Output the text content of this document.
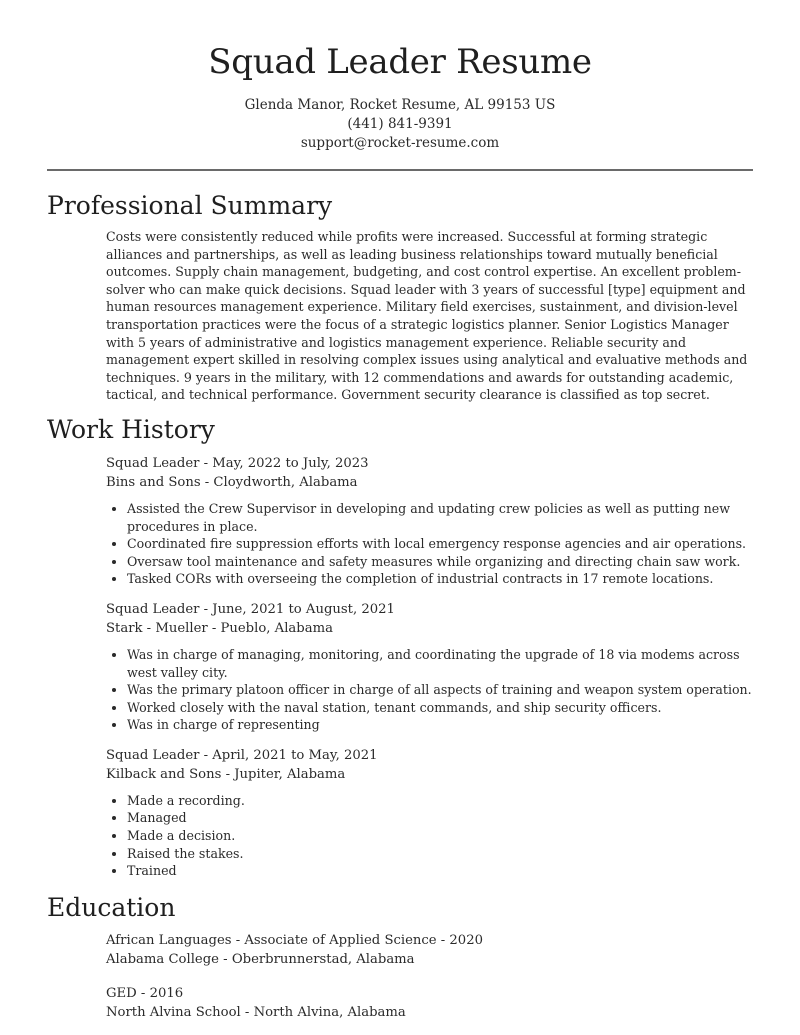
Squad Leader Resume
Glenda Manor, Rocket Resume, AL 99153 US
(441) 841-9391
support@rocket-resume.com
Professional Summary

Costs were consistently reduced while profits were increased. Successful at forming strategic alliances and partnerships, as well as leading business relationships toward mutually beneficial outcomes. Supply chain management, budgeting, and cost control expertise. An excellent problem-solver who can make quick decisions. Squad leader with 3 years of successful [type] equipment and human resources management experience. Military field exercises, sustainment, and division-level transportation practices were the focus of a strategic logistics planner. Senior Logistics Manager with 5 years of administrative and logistics management experience. Reliable security and management expert skilled in resolving complex issues using analytical and evaluative methods and techniques. 9 years in the military, with 12 commendations and awards for outstanding academic, tactical, and technical performance. Government security clearance is classified as top secret.

Work History
Squad Leader - May, 2022 to July, 2023
Bins and Sons - Cloydworth, Alabama
• Assisted the Crew Supervisor in developing and updating crew policies as well as putting new procedures in place.
• Coordinated fire suppression efforts with local emergency response agencies and air operations.
• Oversaw tool maintenance and safety measures while organizing and directing chain saw work.
• Tasked CORs with overseeing the completion of industrial contracts in 17 remote locations.
Squad Leader - June, 2021 to August, 2021
Stark - Mueller - Pueblo, Alabama
• Was in charge of managing, monitoring, and coordinating the upgrade of 18 via modems across west valley city.
• Was the primary platoon officer in charge of all aspects of training and weapon system operation.
• Worked closely with the naval station, tenant commands, and ship security officers.
• Was in charge of representing
Squad Leader - April, 2021 to May, 2021
Kilback and Sons - Jupiter, Alabama
• Made a recording.
• Managed
• Made a decision.
• Raised the stakes.
• Trained
Education
African Languages - Associate of Applied Science - 2020
Alabama College - Oberbrunnerstad, Alabama
GED - 2016
North Alvina School - North Alvina, Alabama
